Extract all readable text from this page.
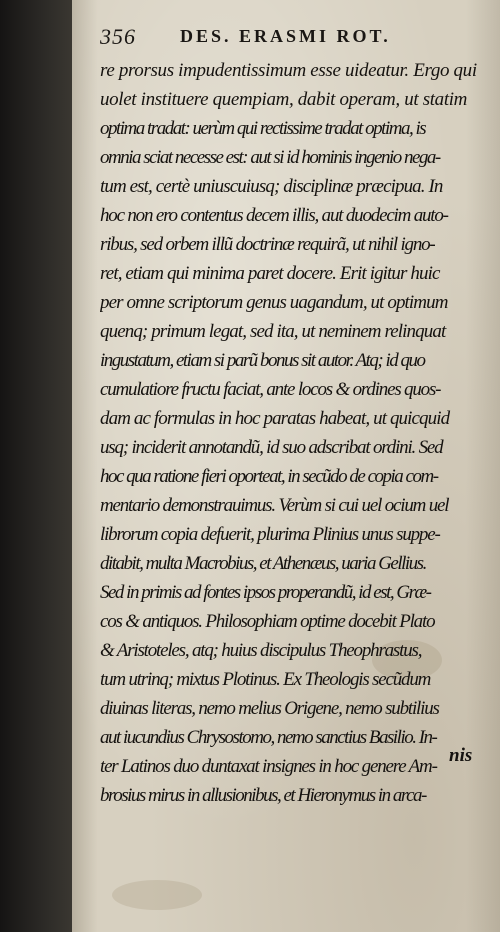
356 DES. ERASMI ROT.
re prorsus impudentissimum esse uideatur. Ergo qui
uolet instituere quempiam, dabit operam, ut statim
optima tradat: uerùm qui rectissime tradat optima, is
omnia sciat necesse est: aut si id hominis ingenio nega-
tum est, certè uniuscuiusq; disciplinæ præcipua. In
hoc non ero contentus decem illis, aut duodecim auto-
ribus, sed orbem illũ doctrinæ requirã, ut nihil igno-
ret, etiam qui minima paret docere. Erit igitur huic
per omne scriptorum genus uagandum, ut optimum
quenq; primum legat, sed ita, ut neminem relinquat
ingustatum, etiam si parũ bonus sit autor. Atq; id quo
cumulatiore fructu faciat, ante locos & ordines quos-
dam ac formulas in hoc paratas habeat, ut quicquid
usq; inciderit annotandũ, id suo adscribat ordini. Sed
hoc qua ratione fieri oporteat, in secũdo de copia com-
mentario demonstrauimus. Verùm si cui uel ocium uel
librorum copia defuerit, plurima Plinius unus suppe-
ditabit, multa Macrobius, et Athenæus, uaria Gellius.
Sed in primis ad fontes ipsos properandũ, id est, Græ-
cos & antiquos. Philosophiam optime docebit Plato
& Aristoteles, atq; huius discipulus Theophrastus,
tum utrinq; mixtus Plotinus. Ex Theologis secũdum
diuinas literas, nemo melius Origene, nemo subtilius
aut iucundius Chrysostomo, nemo sanctius Basilio. In-
ter Latinos duo duntaxat insignes in hoc genere Am-
brosius mirus in allusionibus, et Hieronymus in arca-
nis
